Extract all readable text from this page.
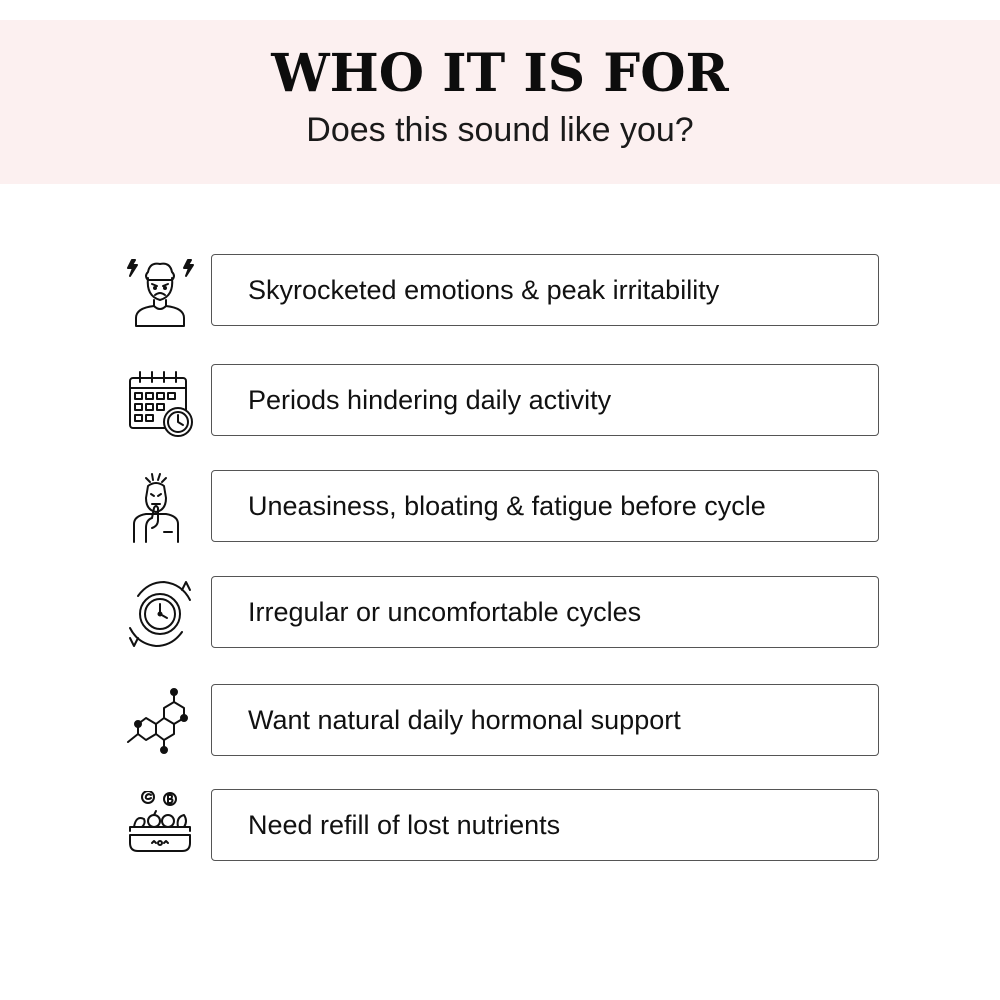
WHO IT IS FOR
Does this sound like you?
Skyrocketed emotions & peak irritability
Periods hindering daily activity
Uneasiness, bloating & fatigue before cycle
Irregular or uncomfortable cycles
Want natural daily hormonal support
Need refill of lost nutrients
